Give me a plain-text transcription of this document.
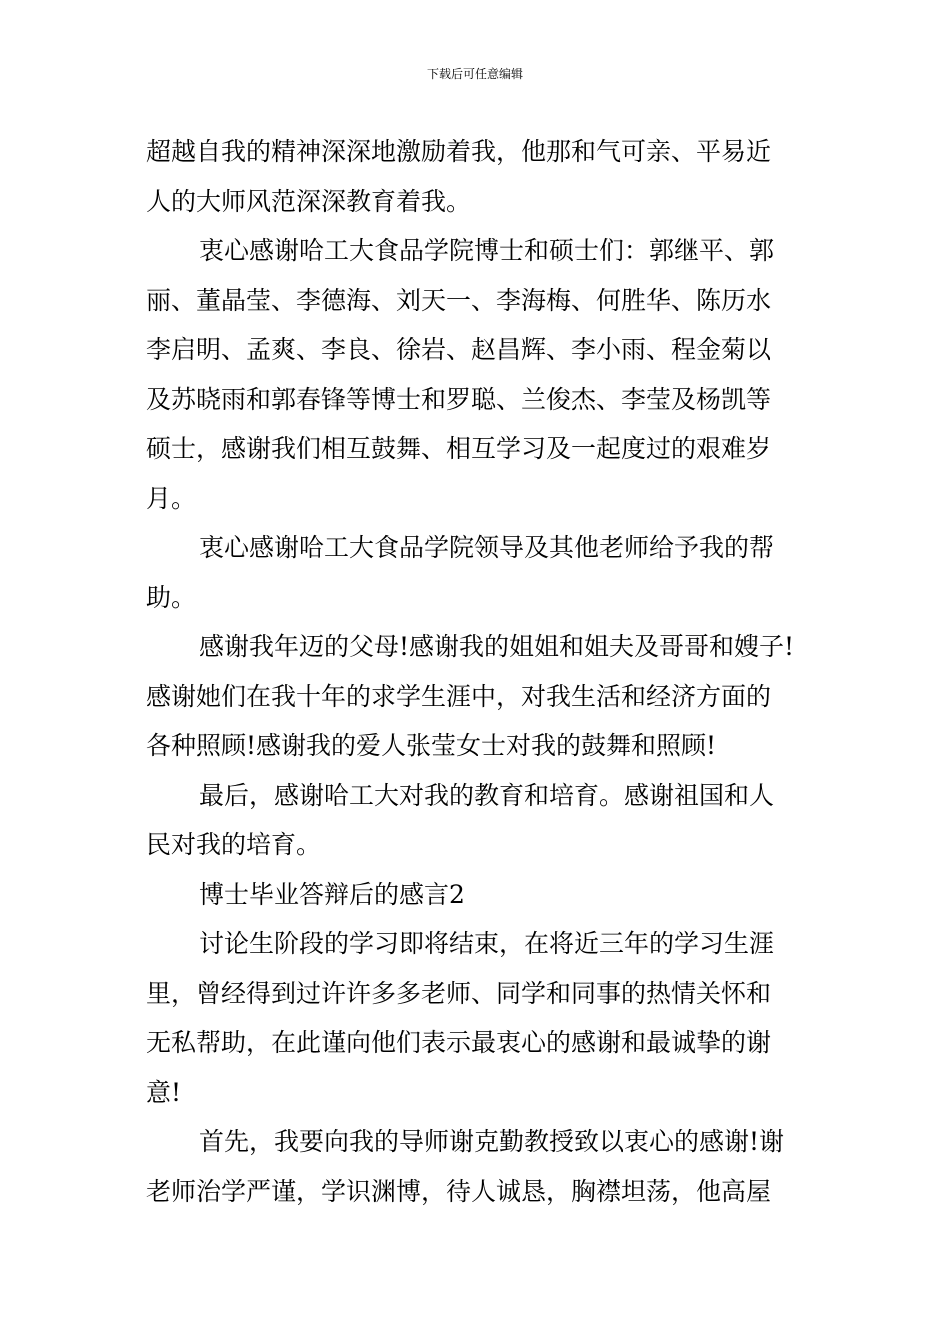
下载后可任意编辑
超越自我的精神深深地激励着我，他那和气可亲、平易近
人的大师风范深深教育着我。
衷心感谢哈工大食品学院博士和硕士们：郭继平、郭
丽、董晶莹、李德海、刘天一、李海梅、何胜华、陈历水
李启明、孟爽、李良、徐岩、赵昌辉、李小雨、程金菊以
及苏晓雨和郭春锋等博士和罗聪、兰俊杰、李莹及杨凯等
硕士，感谢我们相互鼓舞、相互学习及一起度过的艰难岁
月。
衷心感谢哈工大食品学院领导及其他老师给予我的帮
助。
感谢我年迈的父母!感谢我的姐姐和姐夫及哥哥和嫂子!
感谢她们在我十年的求学生涯中，对我生活和经济方面的
各种照顾!感谢我的爱人张莹女士对我的鼓舞和照顾!
最后，感谢哈工大对我的教育和培育。感谢祖国和人
民对我的培育。
博士毕业答辩后的感言2
讨论生阶段的学习即将结束，在将近三年的学习生涯
里，曾经得到过许许多多老师、同学和同事的热情关怀和
无私帮助，在此谨向他们表示最衷心的感谢和最诚挚的谢
意!
首先，我要向我的导师谢克勤教授致以衷心的感谢!谢
老师治学严谨，学识渊博，待人诚恳，胸襟坦荡，他高屋
